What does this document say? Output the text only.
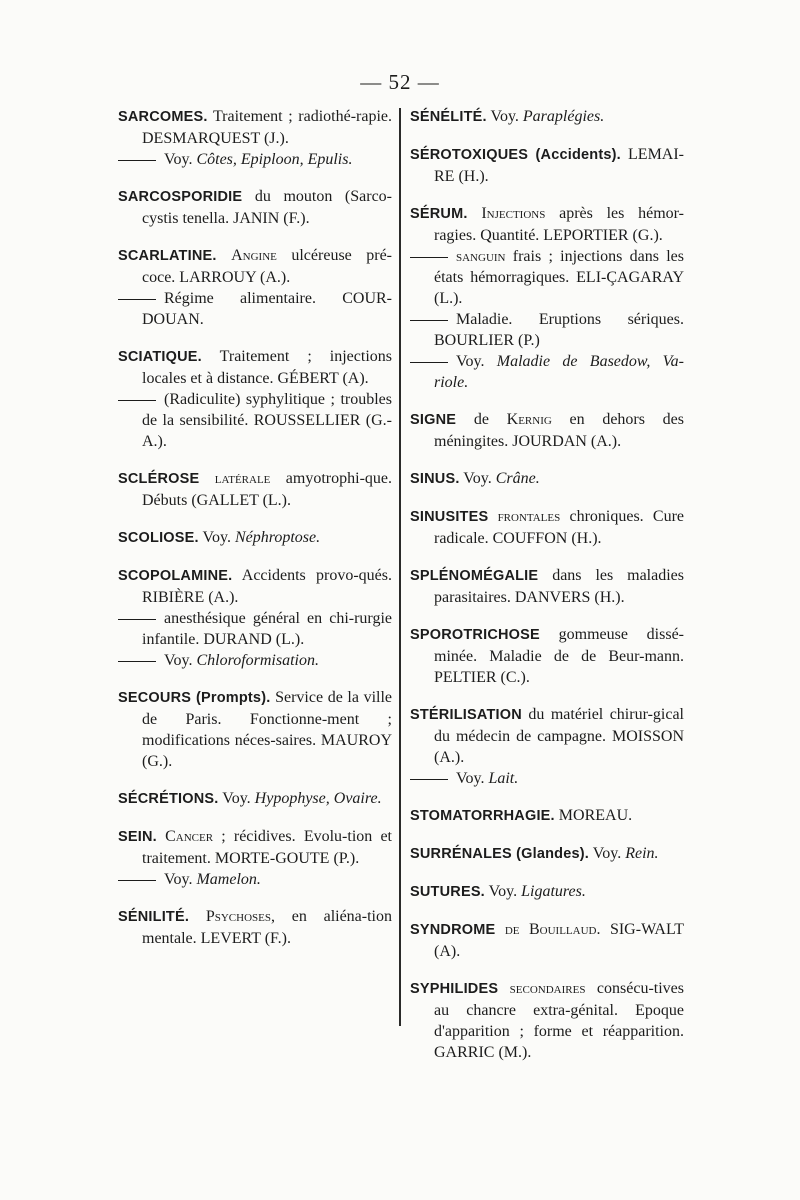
— 52 —
SARCOMES. Traitement ; radiothé-rapie. DESMARQUEST (J.).
Voy. Côtes, Epiploon, Epulis.
SARCOSPORIDIE du mouton (Sarco-cystis tenella. JANIN (F.).
SCARLATINE. Angine ulcéreuse pré-coce. LARROUY (A.).
Régime alimentaire. COUR-DOUAN.
SCIATIQUE. Traitement ; injections locales et à distance. GÉBERT (A).
(Radiculite) syphylitique ; troubles de la sensibilité. ROUSSELLIER (G.-A.).
SCLÉROSE latérale amyotrophi-que. Débuts (GALLET (L.).
SCOLIOSE. Voy. Néphroptose.
SCOPOLAMINE. Accidents provo-qués. RIBIÈRE (A.).
anesthésique général en chi-rurgie infantile. DURAND (L.).
Voy. Chloroformisation.
SECOURS (Prompts). Service de la ville de Paris. Fonctionne-ment ; modifications néces-saires. MAUROY (G.).
SÉCRÉTIONS. Voy. Hypophyse, Ovaire.
SEIN. Cancer ; récidives. Evolu-tion et traitement. MORTE-GOUTE (P.).
Voy. Mamelon.
SÉNILITÉ. Psychoses, en aliéna-tion mentale. LEVERT (F.).
SÉNÉLITÉ. Voy. Paraplégies.
SÉROTOXIQUES (Accidents). LEMAI-RE (H.).
SÉRUM. Injections après les hémor-ragies. Quantité. LEPORTIER (G.).
sanguin frais ; injections dans les états hémorragiques. ELI-ÇAGARAY (L.).
Maladie. Eruptions sériques. BOURLIER (P.)
Voy. Maladie de Basedow, Va-riole.
SIGNE de Kernig en dehors des méningites. JOURDAN (A.).
SINUS. Voy. Crâne.
SINUSITES frontales chroniques. Cure radicale. COUFFON (H.).
SPLÉNOMÉGALIE dans les maladies parasitaires. DANVERS (H.).
SPOROTRICHOSE gommeuse dissé-minée. Maladie de de Beur-mann. PELTIER (C.).
STÉRILISATION du matériel chirur-gical du médecin de campagne. MOISSON (A.).
Voy. Lait.
STOMATORRHAGIE. MOREAU.
SURRÉNALES (Glandes). Voy. Rein.
SUTURES. Voy. Ligatures.
SYNDROME de Bouillaud. SIG-WALT (A).
SYPHILIDES secondaires consécu-tives au chancre extra-génital. Epoque d'apparition ; forme et réapparition. GARRIC (M.).
